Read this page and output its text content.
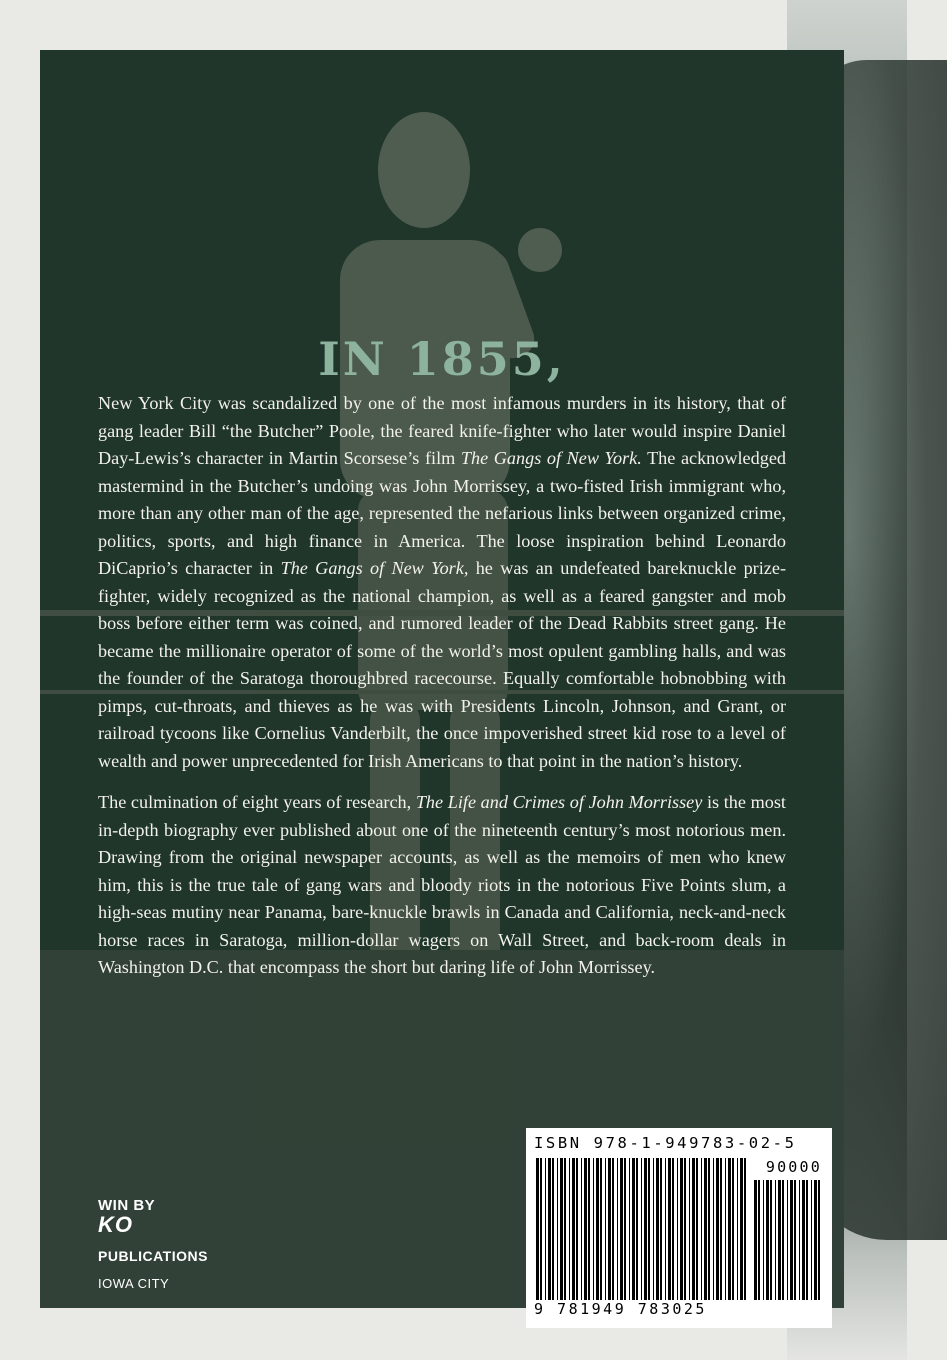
IN 1855,

New York City was scandalized by one of the most infamous murders in its history, that of gang leader Bill “the Butcher” Poole, the feared knife-fighter who later would inspire Daniel Day-Lewis’s character in Martin Scorsese’s film The Gangs of New York. The acknowledged mastermind in the Butcher’s undoing was John Morrissey, a two-fisted Irish immigrant who, more than any other man of the age, represented the nefarious links between organized crime, politics, sports, and high finance in America. The loose inspiration behind Leonardo DiCaprio’s character in The Gangs of New York, he was an undefeated bareknuckle prize-fighter, widely recognized as the national champion, as well as a feared gangster and mob boss before either term was coined, and rumored leader of the Dead Rabbits street gang. He became the millionaire operator of some of the world’s most opulent gambling halls, and was the founder of the Saratoga thoroughbred racecourse. Equally comfortable hobnobbing with pimps, cut-throats, and thieves as he was with Presidents Lincoln, Johnson, and Grant, or railroad tycoons like Cornelius Vanderbilt, the once impoverished street kid rose to a level of wealth and power unprecedented for Irish Americans to that point in the nation’s history.

The culmination of eight years of research, The Life and Crimes of John Morrissey is the most in-depth biography ever published about one of the nineteenth century’s most notorious men. Drawing from the original newspaper accounts, as well as the memoirs of men who knew him, this is the true tale of gang wars and bloody riots in the notorious Five Points slum, a high-seas mutiny near Panama, bare-knuckle brawls in Canada and California, neck-and-neck horse races in Saratoga, million-dollar wagers on Wall Street, and back-room deals in Washington D.C. that encompass the short but daring life of John Morrissey.

WIN BY
KO
PUBLICATIONS
IOWA CITY
ISBN 978-1-949783-02-5
90000
9 781949 783025
